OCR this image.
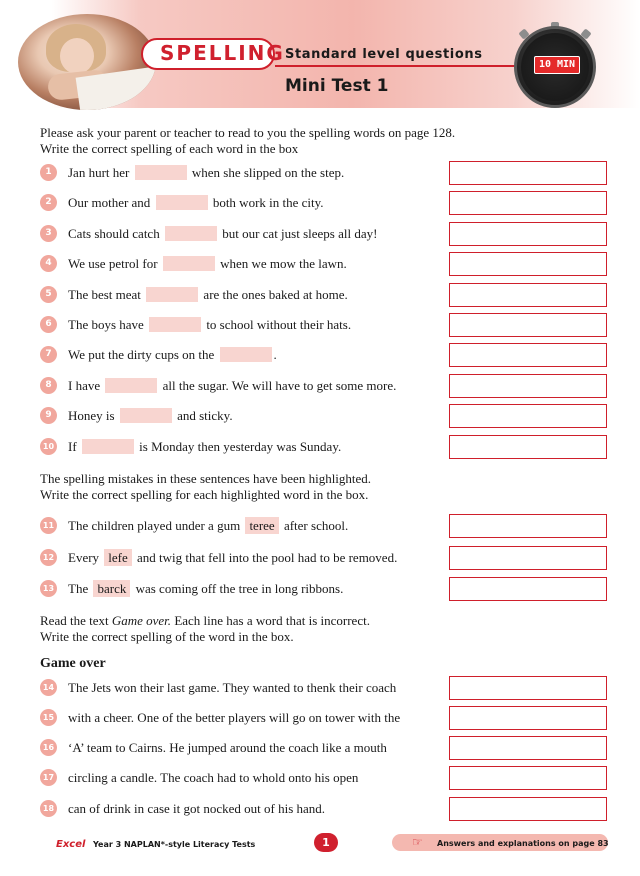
SPELLING Standard level questions
Mini Test 1
10 MIN
Please ask your parent or teacher to read to you the spelling words on page 128.
Write the correct spelling of each word in the box
1	Jan hurt her	when she slipped on the step.
2	Our mother and	both work in the city.
3	Cats should catch	but our cat just sleeps all day!
4	We use petrol for	when we mow the lawn.
5	The best meat	are the ones baked at home.
6	The boys have	to school without their hats.
7	We put the dirty cups on the	.
8	I have	all the sugar. We will have to get some more.
9	Honey is	and sticky.
10 If	is Monday then yesterday was Sunday.
The spelling mistakes in these sentences have been highlighted.
Write the correct spelling for each highlighted word in the box.
11 The children played under a gum teree after school.
12 Every lefe and twig that fell into the pool had to be removed.
13 The barck was coming off the tree in long ribbons.
Read the text Game over. Each line has a word that is incorrect.
Write the correct spelling of the word in the box.
Game over
14 The Jets won their last game. They wanted to thenk their coach
15 with a cheer. One of the better players will go on tower with the
16 ‘A’ team to Cairns. He jumped around the coach like a mouth
17 circling a candle. The coach had to whold onto his open
18 can of drink in case it got nocked out of his hand.
Excel Year 3 NAPLAN*-style Literacy Tests	1	☞ Answers and explanations on page 83
